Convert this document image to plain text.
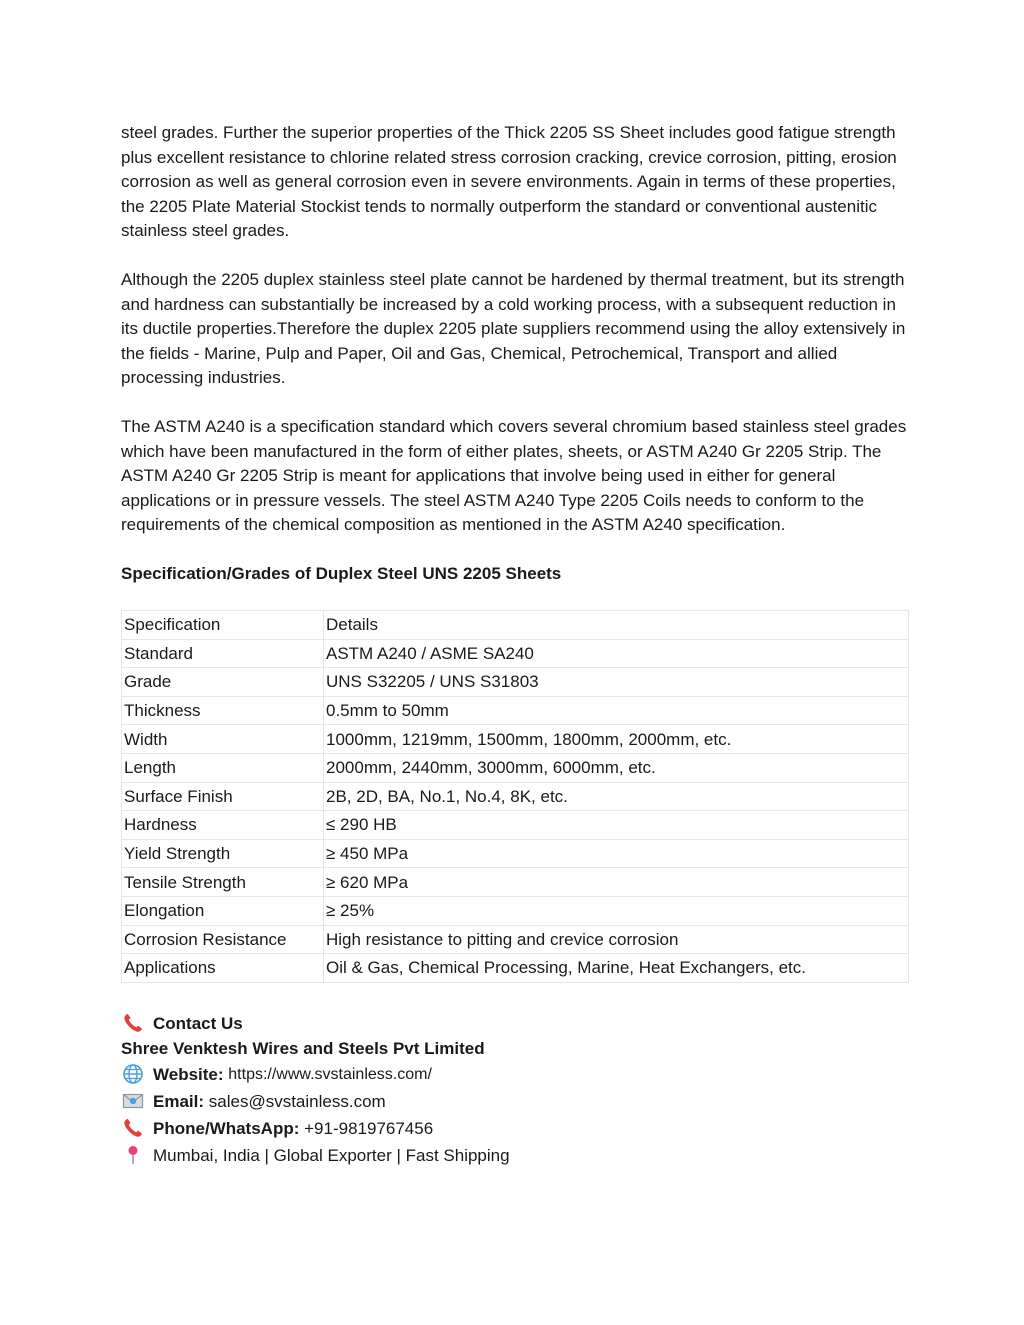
steel grades. Further the superior properties of the Thick 2205 SS Sheet includes good fatigue strength plus excellent resistance to chlorine related stress corrosion cracking, crevice corrosion, pitting, erosion corrosion as well as general corrosion even in severe environments. Again in terms of these properties, the 2205 Plate Material Stockist tends to normally outperform the standard or conventional austenitic stainless steel grades.

Although the 2205 duplex stainless steel plate cannot be hardened by thermal treatment, but its strength and hardness can substantially be increased by a cold working process, with a subsequent reduction in its ductile properties.Therefore the duplex 2205 plate suppliers recommend using the alloy extensively in the fields - Marine, Pulp and Paper, Oil and Gas, Chemical, Petrochemical, Transport and allied processing industries.

The ASTM A240 is a specification standard which covers several chromium based stainless steel grades which have been manufactured in the form of either plates, sheets, or ASTM A240 Gr 2205 Strip. The ASTM A240 Gr 2205 Strip is meant for applications that involve being used in either for general applications or in pressure vessels. The steel ASTM A240 Type 2205 Coils needs to conform to the requirements of the chemical composition as mentioned in the ASTM A240 specification.

Specification/Grades of Duplex Steel UNS 2205 Sheets
Specification	Details
Standard	ASTM A240 / ASME SA240
Grade	UNS S32205 / UNS S31803
Thickness	0.5mm to 50mm
Width	1000mm, 1219mm, 1500mm, 1800mm, 2000mm, etc.
Length	2000mm, 2440mm, 3000mm, 6000mm, etc.
Surface Finish	2B, 2D, BA, No.1, No.4, 8K, etc.
Hardness	≤ 290 HB
Yield Strength	≥ 450 MPa
Tensile Strength	≥ 620 MPa
Elongation	≥ 25%
Corrosion Resistance	High resistance to pitting and crevice corrosion
Applications	Oil & Gas, Chemical Processing, Marine, Heat Exchangers, etc.
Contact Us
Shree Venktesh Wires and Steels Pvt Limited
Website:
https://www.svstainless.com/
Email:
sales@svstainless.com
Phone/WhatsApp:
+91-9819767456
Mumbai, India | Global Exporter | Fast Shipping
